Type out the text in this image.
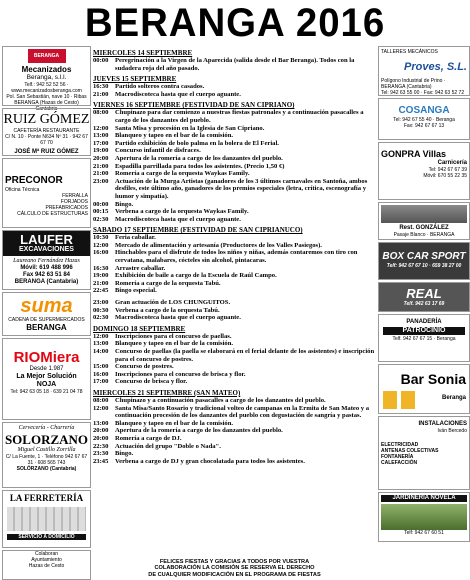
BERANGA 2016
BERANGA
Mecanizados
Beranga, s.l.l.
Telf.: 942 52 52 56 · www.mecanizadosberanga.com
Pol. San Sebastián, nave 10 · Ribas
BERANGA (Hazas de Cesto) Cantabria
RUIZ GÓMEZ
CAFETERÍA RESTAURANTE
C/ N. 10 · Ponte N634 Nº 31 · 942 67 67 70
JOSÉ Mª RUIZ GÓMEZ
PRECONOR
Oficina Técnica
FERRALLA
FORJADOS
PREFABRICADOS
CÁLCULO DE ESTRUCTURAS
LAUFER
EXCAVACIONES
Laureano Fernández Hazas
Móvil: 619 488 996
Fax 942 63 51 84
BERANGA (Cantabria)
suma
CADENA DE SUPERMERCADOS
BERANGA
RIOMiera
Desde 1.987
La Mejor Solución
NOJA
Tel: 942 63 05 18 · 639 21 04 78
Cervecería - Churrería
SOLORZANO
Miguel Castillo Zorrilla
C/ La Fuente, 1 · Teléfono 942 67 67 31 · 608 565 743
SOLÓRZANO (Cantabria)
LA FERRETERÍA
SERVICIO A DOMICILIO
Colaboran
Ayuntamiento
Hazas de Cesto
MIERCOLES 14 SEPTIEMBRE
00:00	Peregrinación a la Virgen de la Aparecida (salida desde el Bar Beranga). Todos con la sudadera roja del año pasado.
JUEVES 15 SEPTIEMBRE
16:30	Partido solteros contra casados.
21:00	Macrodiscoteca hasta que el cuerpo aguante.
VIERNES 16 SEPTIEMBRE (FESTIVIDAD DE SAN CIPRIANO)
08:00	Chupinazo para dar comienzo a nuestras fiestas patronales y a continuación pasacalles a cargo de los danzantes del pueblo.
12:00	Santa Misa y procesión en la Iglesia de San Cipriano.
13:00	Blanqueo y tapeo en el bar de la comisión.
17:00	Partido exhibición de bolo palma en la bolera de El Ferial.
19:00	Concurso infantil de disfraces.
20:00	Apertura de la romería a cargo de los danzantes del pueblo.
21:00	Espadilla parrillada para todos los asistentes. (Precio 1,50 €)
21:00	Romería a cargo de la orquesta Waykas Family.
23:00	Actuación de la Murga Artistas (ganadores de los 3 últimos carnavales en Santoña, ambos desfiles, este último año, ganadores de los premios especiales (letra, crítica, escenografía y humor y simpatía).
00:00	Bingo.
00:15	Verbena a cargo de la orquesta Waykas Family.
02:30	Macrodiscoteca hasta que el cuerpo aguante.
SABADO 17 SEPTIEMBRE (FESTIVIDAD DE SAN CIPRIANUCO)
10:30	Feria caballar.
12:00	Mercado de alimentación y artesanía (Productores de los Valles Pasiegos).
16:00	Hinchables para el disfrute de todos los niños y niñas, además contaremos con tiro con cervatana, malabares, cócteles sin alcohol, pintacaras.
16:30	Arrastre caballar.
19:00	Exhibición de baile a cargo de la Escuela de Raúl Campo.
21:00	Romería a cargo de la orquesta Tabú.
22:45	Bingo especial.
23:00	Gran actuación de LOS CHUNGUITOS.
00:30	Verbena a cargo de la orquesta Tabú.
02:30	Macrodiscoteca hasta que el cuerpo aguante.
DOMINGO 18 SEPTIEMBRE
12:00	Inscripciones para el concurso de paellas.
13:00	Blanqueo y tapeo en el bar de la comisión.
14:00	Concurso de paellas (la paella se elaborará en el ferial delante de los asistentes) e inscripción para el concurso de postres.
15:00	Concurso de postres.
16:00	Inscripciones para el concurso de brisca y flor.
17:00	Concurso de brisca y flor.
MIERCOLES 21 SEPTIEMBRE (SAN MATEO)
08:00	Chupinazo y a continuación pasacalles a cargo de los danzantes del pueblo.
12:00	Santa Misa/Santo Rosario y tradicional volteo de campanas en la Ermita de San Mateo y a continuación procesión de los danzantes del pueblo con degustación de sangría y pastas.
13:00	Blanqueo y tapeo en el bar de la comisión.
20:00	Apertura de la romería a cargo de los danzantes del pueblo.
20:00	Romería a cargo de DJ.
22:30	Actuación del grupo "Doble o Nada".
23:30	Bingo.
23:45	Verbena a cargo de DJ y gran chocolatada para todos los asistentes.
FELICES FIESTAS Y GRACIAS A TODOS POR VUESTRA
COLABORACIÓN LA COMISIÓN SE RESERVA EL DERECHO
DE CUALQUIER MODIFICACIÓN EN EL PROGRAMA DE FIESTAS
TALLERES MECÁNICOS
Proves, S.L.
Polígono Industrial de Prino · BERANGA (Cantabria)
Tel: 942 63 55 00 · Fax: 942 63 52 72
COSANGA
Tel: 942 67 55 40 · Beranga
Fax: 942 67 67 13
GONPRA Villas
Carnicería
Tel: 942 67 67 39
Móvil: 670 55 22 35
Rest. GONZÁLEZ
Pasaje Blanco · BERANGA
BOX CAR SPORT
Telf: 942 67 67 10 · 659 38 27 00
REAL
Telf. 942 63 17 69
PANADERÍA
PATROCINIO
Telf. 942 67 67 15 · Beranga
Bar Sonia
Beranga
INSTALACIONES
Iván Bercedo
ELECTRICIDAD
ANTENAS COLECTIVAS
FONTANERÍA
CALEFACCIÓN
JARDINERÍA NOVELA
Telf: 942 67 60 51
